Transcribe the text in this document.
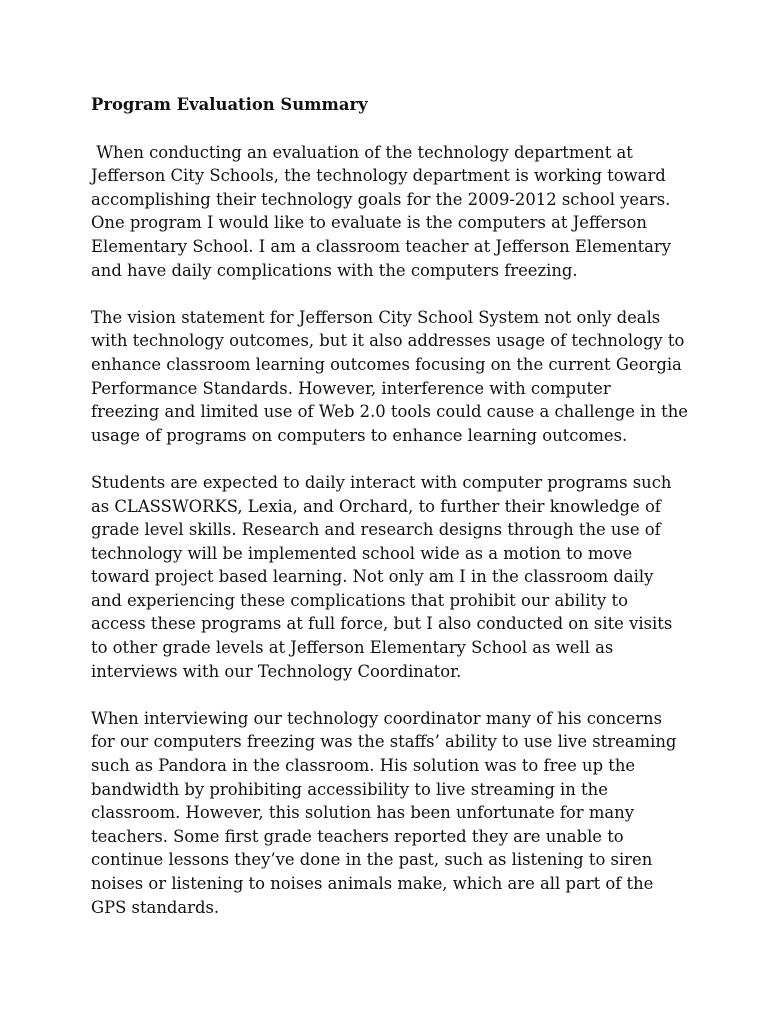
Program Evaluation Summary
When conducting an evaluation of the technology department at
Jefferson City Schools, the technology department is working toward
accomplishing their technology goals for the 2009-2012 school years.
One program I would like to evaluate is the computers at Jefferson
Elementary School. I am a classroom teacher at Jefferson Elementary
and have daily complications with the computers freezing.
The vision statement for Jefferson City School System not only deals
with technology outcomes, but it also addresses usage of technology to
enhance classroom learning outcomes focusing on the current Georgia
Performance Standards. However, interference with computer
freezing and limited use of Web 2.0 tools could cause a challenge in the
usage of programs on computers to enhance learning outcomes.
Students are expected to daily interact with computer programs such
as CLASSWORKS, Lexia, and Orchard, to further their knowledge of
grade level skills. Research and research designs through the use of
technology will be implemented school wide as a motion to move
toward project based learning. Not only am I in the classroom daily
and experiencing these complications that prohibit our ability to
access these programs at full force, but I also conducted on site visits
to other grade levels at Jefferson Elementary School as well as
interviews with our Technology Coordinator.
When interviewing our technology coordinator many of his concerns
for our computers freezing was the staffs’ ability to use live streaming
such as Pandora in the classroom. His solution was to free up the
bandwidth by prohibiting accessibility to live streaming in the
classroom. However, this solution has been unfortunate for many
teachers. Some first grade teachers reported they are unable to
continue lessons they’ve done in the past, such as listening to siren
noises or listening to noises animals make, which are all part of the
GPS standards.
